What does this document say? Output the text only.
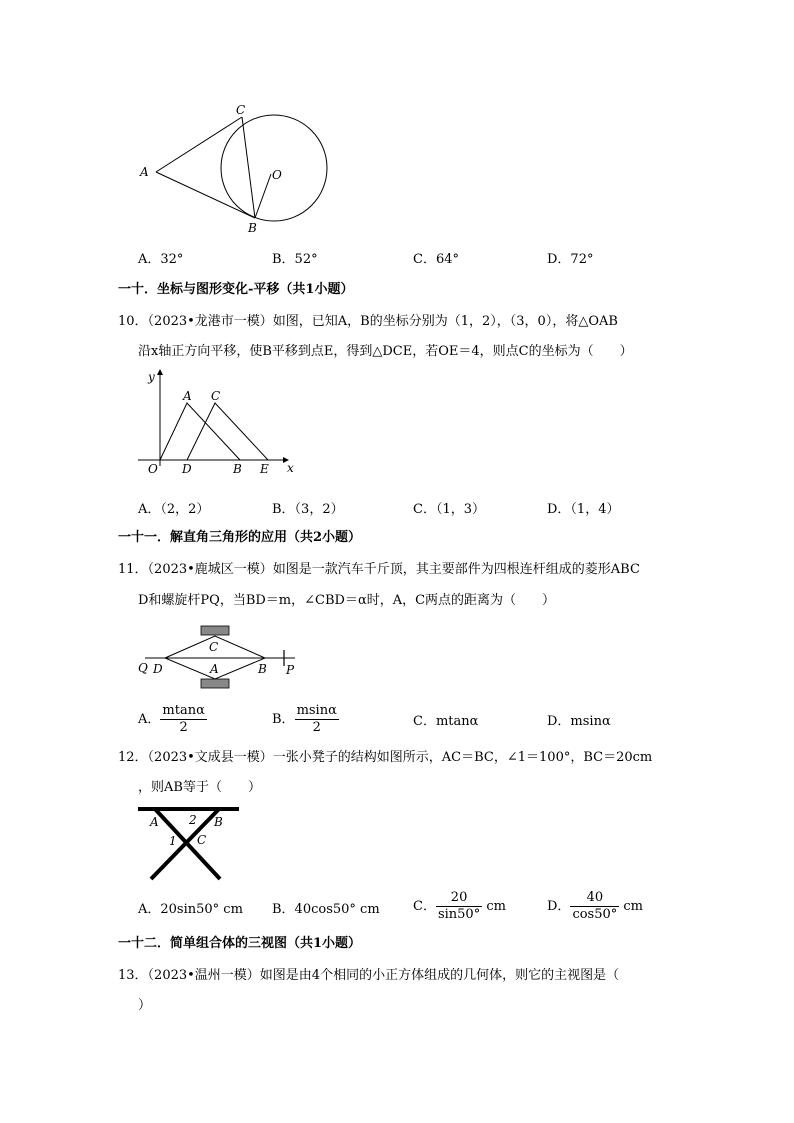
A
C
O
B
A．32°	B．52°	C．64°	D．72°
一十．坐标与图形变化-平移（共1小题）
10．（2023•龙港市一模）如图，已知A，B的坐标分别为（1，2），（3，0），将△OAB
沿x轴正方向平移，使B平移到点E，得到△DCE，若OE＝4，则点C的坐标为（　　）
y
A C
O D	B E x
A．（2，2）	B．（3，2）	C．（1，3）	D．（1，4）
一十一．解直角三角形的应用（共2小题）
11．（2023•鹿城区一模）如图是一款汽车千斤顶，其主要部件为四根连杆组成的菱形ABC
D和螺旋杆PQ，当BD＝m，∠CBD＝α时，A，C两点的距离为（　　）
C
A
Q D	B P
A． $\frac{mtan\alpha}{2}$	B． $\frac{msin\alpha}{2}$	C．mtanα	D．msinα
12．（2023•文成县一模）一张小凳子的结构如图所示，AC＝BC，∠1＝100°，BC＝20cm
，则AB等于（　　）
A	2 B
1 C
A．20sin50° cm B．40cos50° cm	C． $\frac{20}{\sin 50^\circ}$ cm	D． $\frac{40}{\cos 50^\circ}$ cm
一十二．简单组合体的三视图（共1小题）
13．（2023•温州一模）如图是由4个相同的小正方体组成的几何体，则它的主视图是（
）
